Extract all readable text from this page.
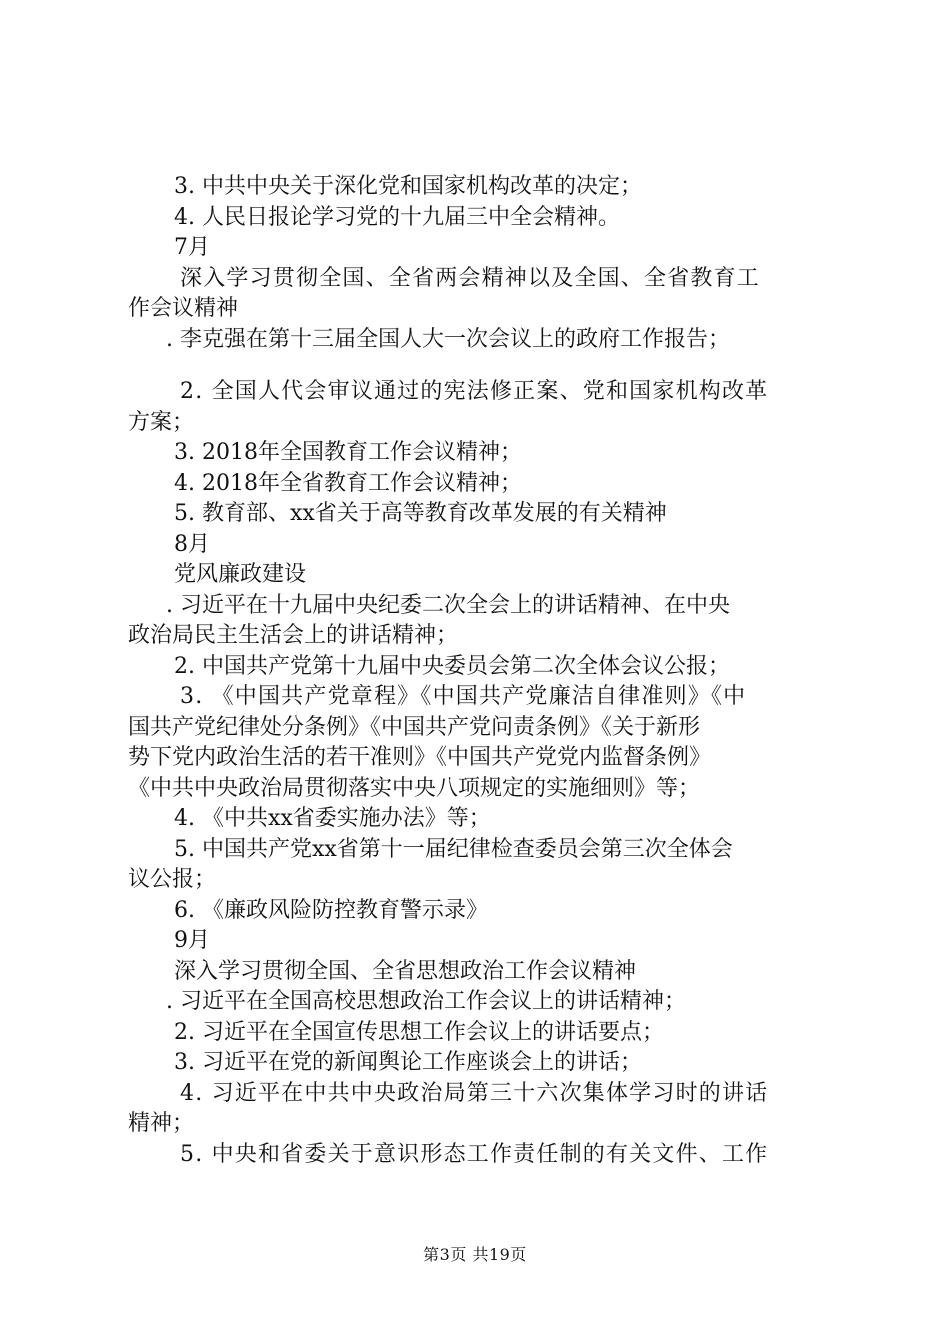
3. 中共中央关于深化党和国家机构改革的决定；
4. 人民日报论学习党的十九届三中全会精神。
7月
深入学习贯彻全国、全省两会精神以及全国、全省教育工
作会议精神
. 李克强在第十三届全国人大一次会议上的政府工作报告；
2. 全国人代会审议通过的宪法修正案、党和国家机构改革
方案；
3. 2018年全国教育工作会议精神；
4. 2018年全省教育工作会议精神；
5. 教育部、xx省关于高等教育改革发展的有关精神
8月
党风廉政建设
. 习近平在十九届中央纪委二次全会上的讲话精神、在中央
政治局民主生活会上的讲话精神；
2. 中国共产党第十九届中央委员会第二次全体会议公报；
3. 《中国共产党章程》《中国共产党廉洁自律准则》《中
国共产党纪律处分条例》《中国共产党问责条例》《关于新形
势下党内政治生活的若干准则》《中国共产党党内监督条例》
《中共中央政治局贯彻落实中央八项规定的实施细则》等；
4. 《中共xx省委实施办法》等；
5. 中国共产党xx省第十一届纪律检查委员会第三次全体会
议公报；
6. 《廉政风险防控教育警示录》
9月
深入学习贯彻全国、全省思想政治工作会议精神
. 习近平在全国高校思想政治工作会议上的讲话精神；
2. 习近平在全国宣传思想工作会议上的讲话要点；
3. 习近平在党的新闻舆论工作座谈会上的讲话；
4. 习近平在中共中央政治局第三十六次集体学习时的讲话
精神；
5. 中央和省委关于意识形态工作责任制的有关文件、工作
第3页 共19页
